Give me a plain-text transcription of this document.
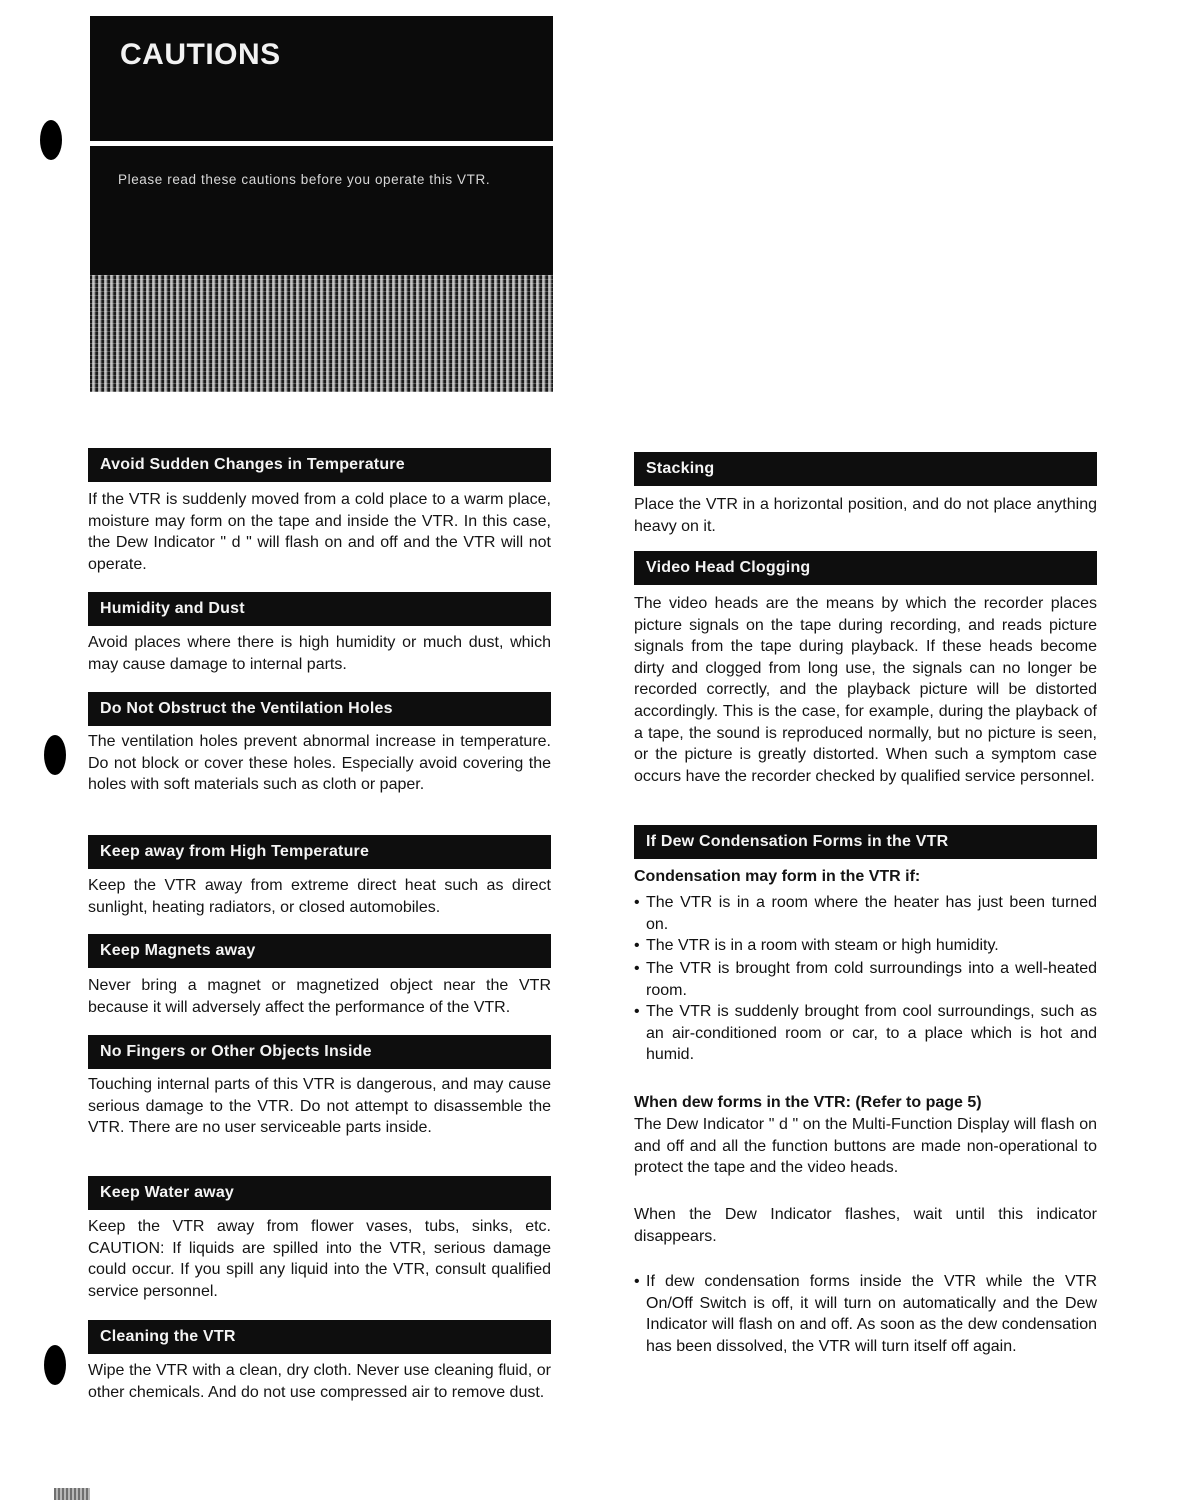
CAUTIONS
Please read these cautions before you operate this VTR.
Avoid Sudden Changes in Temperature
If the VTR is suddenly moved from a cold place to a warm place, moisture may form on the tape and inside the VTR. In this case, the Dew Indicator " d " will flash on and off and the VTR will not operate.
Humidity and Dust
Avoid places where there is high humidity or much dust, which may cause damage to internal parts.
Do Not Obstruct the Ventilation Holes
The ventilation holes prevent abnormal increase in temperature. Do not block or cover these holes. Especially avoid covering the holes with soft materials such as cloth or paper.
Keep away from High Temperature
Keep the VTR away from extreme direct heat such as direct sunlight, heating radiators, or closed automobiles.
Keep Magnets away
Never bring a magnet or magnetized object near the VTR because it will adversely affect the performance of the VTR.
No Fingers or Other Objects Inside
Touching internal parts of this VTR is dangerous, and may cause serious damage to the VTR. Do not attempt to disassemble the VTR. There are no user serviceable parts inside.
Keep Water away
Keep the VTR away from flower vases, tubs, sinks, etc. CAUTION: If liquids are spilled into the VTR, serious damage could occur. If you spill any liquid into the VTR, consult qualified service personnel.
Cleaning the VTR
Wipe the VTR with a clean, dry cloth. Never use cleaning fluid, or other chemicals. And do not use compressed air to remove dust.
Stacking
Place the VTR in a horizontal position, and do not place anything heavy on it.
Video Head Clogging
The video heads are the means by which the recorder places picture signals on the tape during recording, and reads picture signals from the tape during playback. If these heads become dirty and clogged from long use, the signals can no longer be recorded correctly, and the playback picture will be distorted accordingly. This is the case, for example, during the playback of a tape, the sound is reproduced normally, but no picture is seen, or the picture is greatly distorted. When such a symptom case occurs have the recorder checked by qualified service personnel.
If Dew Condensation Forms in the VTR
Condensation may form in the VTR if:
• The VTR is in a room where the heater has just been turned on.
• The VTR is in a room with steam or high humidity.
• The VTR is brought from cold surroundings into a well-heated room.
• The VTR is suddenly brought from cool surroundings, such as an air-conditioned room or car, to a place which is hot and humid.
When dew forms in the VTR: (Refer to page 5)
The Dew Indicator " d " on the Multi-Function Display will flash on and off and all the function buttons are made non-operational to protect the tape and the video heads.
When the Dew Indicator flashes, wait until this indicator disappears.
• If dew condensation forms inside the VTR while the VTR On/Off Switch is off, it will turn on automatically and the Dew Indicator will flash on and off. As soon as the dew condensation has been dissolved, the VTR will turn itself off again.
